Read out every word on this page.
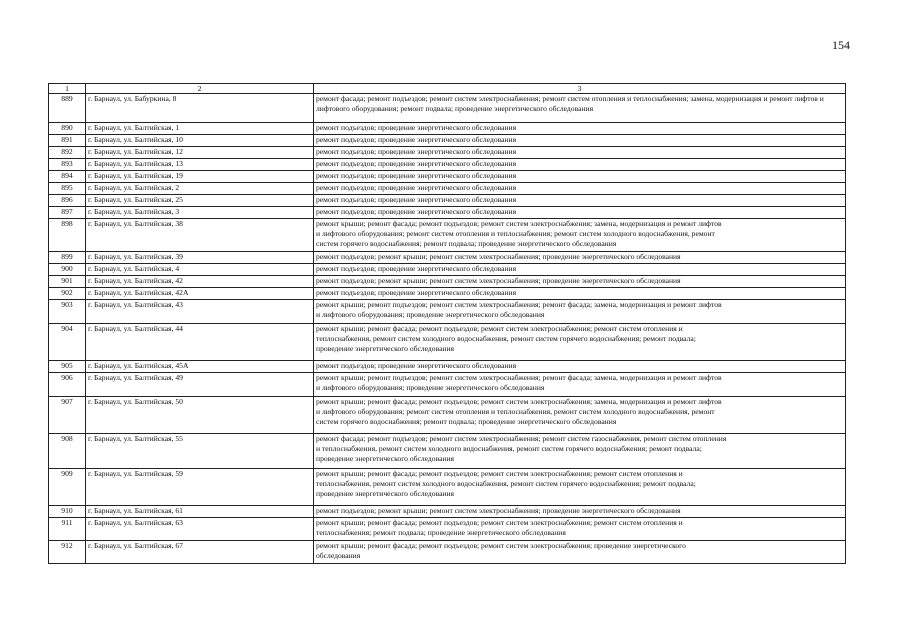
154
1	2	3
889	г. Барнаул, ул. Бабуркина, 8	ремонт фасада; ремонт подъездов; ремонт систем электроснабжения; ремонт систем отопления и теплоснабжения; замена, модернизация и ремонт лифтов и лифтового оборудования; ремонт подвала; проведение энергетического обследования
890	г. Барнаул, ул. Балтийская, 1	ремонт подъездов; проведение энергетического обследования
891	г. Барнаул, ул. Балтийская, 10	ремонт подъездов; проведение энергетического обследования
892	г. Барнаул, ул. Балтийская, 12	ремонт подъездов; проведение энергетического обследования
893	г. Барнаул, ул. Балтийская, 13	ремонт подъездов; проведение энергетического обследования
894	г. Барнаул, ул. Балтийская, 19	ремонт подъездов; проведение энергетического обследования
895	г. Барнаул, ул. Балтийская, 2	ремонт подъездов; проведение энергетического обследования
896	г. Барнаул, ул. Балтийская, 25	ремонт подъездов; проведение энергетического обследования
897	г. Барнаул, ул. Балтийская, 3	ремонт подъездов; проведение энергетического обследования
898	г. Барнаул, ул. Балтийская, 38	ремонт крыши; ремонт фасада; ремонт подъездов; ремонт систем электроснабжения; замена, модернизация и ремонт лифтов
и лифтового оборудования; ремонт систем отопления и теплоснабжения; ремонт систем холодного водоснабжения, ремонт
систем горячего водоснабжения; ремонт подвала; проведение энергетического обследования
899	г. Барнаул, ул. Балтийская, 39	ремонт подъездов; ремонт крыши; ремонт систем электроснабжения; проведение энергетического обследования
900	г. Барнаул, ул. Балтийская, 4	ремонт подъездов; проведение энергетического обследования
901	г. Барнаул, ул. Балтийская, 42	ремонт подъездов; ремонт крыши; ремонт систем электроснабжения; проведение энергетического обследования
902	г. Барнаул, ул. Балтийская, 42А	ремонт подъездов; проведение энергетического обследования
903	г. Барнаул, ул. Балтийская, 43	ремонт крыши; ремонт подъездов; ремонт систем электроснабжения; ремонт фасада; замена, модернизация и ремонт лифтов
и лифтового оборудования; проведение энергетического обследования
904	г. Барнаул, ул. Балтийская, 44	ремонт крыши; ремонт фасада; ремонт подъездов; ремонт систем электроснабжения; ремонт систем отопления и
теплоснабжения, ремонт систем холодного водоснабжения, ремонт систем горячего водоснабжения; ремонт подвала;
проведение энергетического обследования
905	г. Барнаул, ул. Балтийская, 45А	ремонт подъездов; проведение энергетического обследования
906	г. Барнаул, ул. Балтийская, 49	ремонт крыши; ремонт подъездов; ремонт систем электроснабжения; ремонт фасада; замена, модернизация и ремонт лифтов
и лифтового оборудования; проведение энергетического обследования
907	г. Барнаул, ул. Балтийская, 50	ремонт крыши; ремонт фасада; ремонт подъездов; ремонт систем электроснабжения; замена, модернизация и ремонт лифтов
и лифтового оборудования; ремонт систем отопления и теплоснабжения, ремонт систем холодного водоснабжения, ремонт
систем горячего водоснабжения; ремонт подвала; проведение энергетического обследования
908	г. Барнаул, ул. Балтийская, 55	ремонт фасада; ремонт подъездов; ремонт систем электроснабжения; ремонт систем газоснабжения, ремонт систем отопления
и теплоснабжения, ремонт систем холодного водоснабжения, ремонт систем горячего водоснабжения; ремонт подвала;
проведение энергетического обследования
909	г. Барнаул, ул. Балтийская, 59	ремонт крыши; ремонт фасада; ремонт подъездов; ремонт систем электроснабжения; ремонт систем отопления и
теплоснабжения, ремонт систем холодного водоснабжения, ремонт систем горячего водоснабжения; ремонт подвала;
проведение энергетического обследования
910	г. Барнаул, ул. Балтийская, 61	ремонт подъездов; ремонт крыши; ремонт систем электроснабжения; проведение энергетического обследования
911	г. Барнаул, ул. Балтийская, 63	ремонт крыши; ремонт фасада; ремонт подъездов; ремонт систем электроснабжения; ремонт систем отопления и
теплоснабжения; ремонт подвала; проведение энергетического обследования
912	г. Барнаул, ул. Балтийская, 67	ремонт крыши; ремонт фасада; ремонт подъездов; ремонт систем электроснабжения; проведение энергетического
обследования
